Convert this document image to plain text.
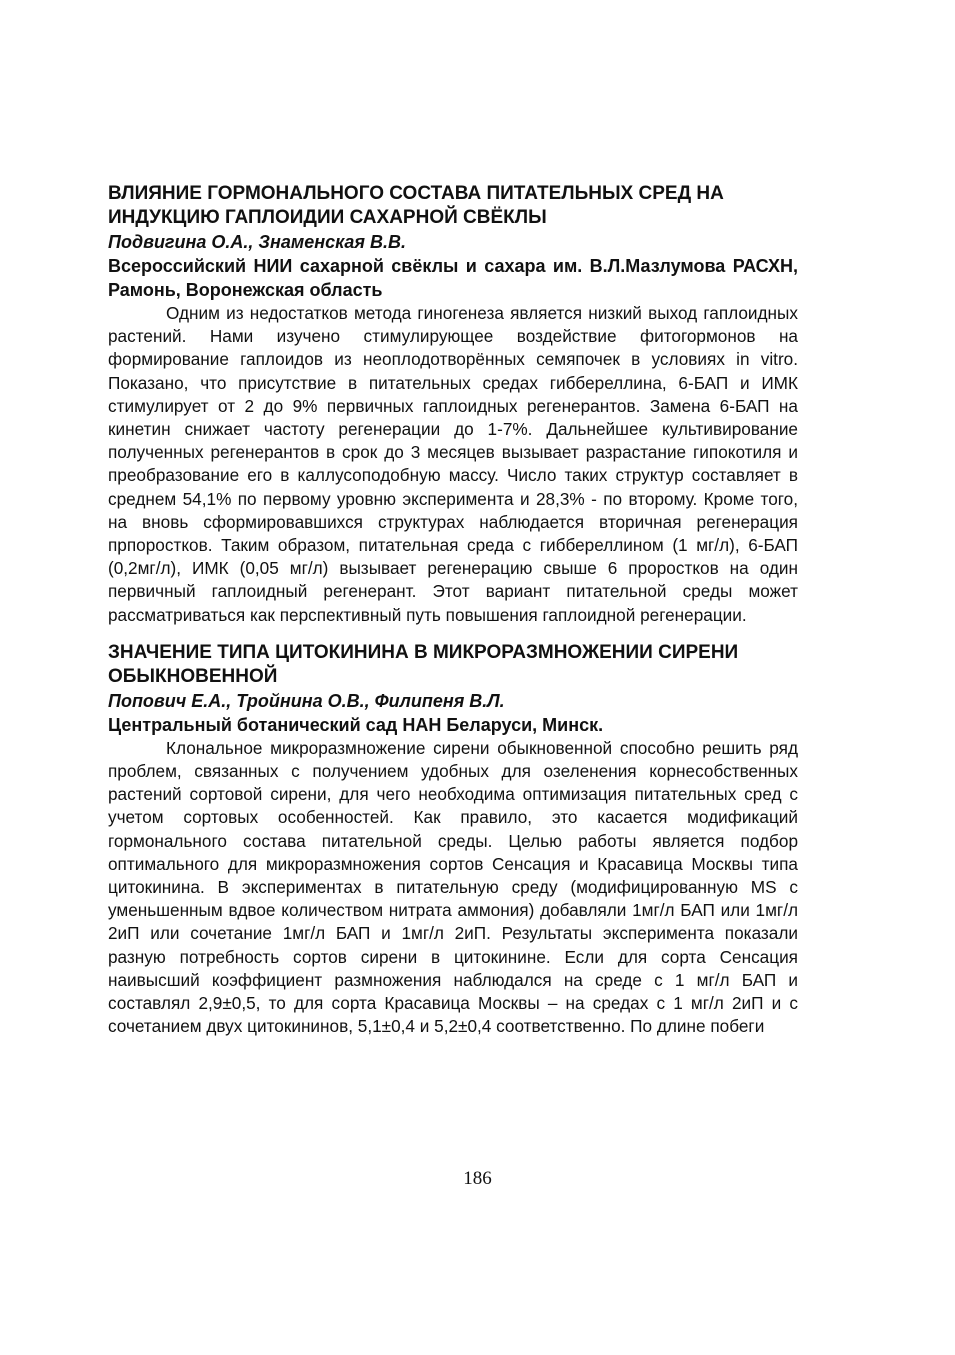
ВЛИЯНИЕ ГОРМОНАЛЬНОГО СОСТАВА ПИТАТЕЛЬНЫХ СРЕД НА ИНДУКЦИЮ ГАПЛОИДИИ САХАРНОЙ СВЁКЛЫ

Подвигина О.А., Знаменская В.В.

Всероссийский НИИ сахарной свёклы и сахара им. В.Л.Мазлумова РАСХН, Рамонь, Воронежская область

Одним из недостатков метода гиногенеза является низкий выход гаплоидных растений. Нами изучено стимулирующее воздействие фитогормонов на формирование гаплоидов из неоплодотворённых семяпочек в условиях in vitro. Показано, что присутствие в питательных средах гиббереллина, 6-БАП и ИМК стимулирует от 2 до 9% первичных гаплоидных регенерантов. Замена 6-БАП на кинетин снижает частоту регенерации до 1-7%. Дальнейшее культивирование полученных регенерантов в срок до 3 месяцев вызывает разрастание гипокотиля и преобразование его в каллусоподобную массу. Число таких структур составляет в среднем 54,1% по первому уровню эксперимента и 28,3% - по второму. Кроме того, на вновь сформировавшихся структурах наблюдается вторичная регенерация прпоростков. Таким образом, питательная среда с гиббереллином (1 мг/л), 6-БАП (0,2мг/л), ИМК (0,05 мг/л) вызывает регенерацию свыше 6 проростков на один первичный гаплоидный регенерант. Этот вариант питательной среды может рассматриваться как перспективный путь повышения гаплоидной регенерации.

ЗНАЧЕНИЕ ТИПА ЦИТОКИНИНА В МИКРОРАЗМНОЖЕНИИ СИРЕНИ ОБЫКНОВЕННОЙ

Попович Е.А., Тройнина О.В., Филипеня В.Л.

Центральный ботанический сад НАН Беларуси, Минск.

Клональное микроразмножение сирени обыкновенной способно решить ряд проблем, связанных с получением удобных для озеленения корнесобственных растений сортовой сирени, для чего необходима оптимизация питательных сред с учетом сортовых особенностей. Как правило, это касается модификаций гормонального состава питательной среды. Целью работы является подбор оптимального для микроразмножения сортов Сенсация и Красавица Москвы типа цитокинина. В экспериментах в питательную среду (модифицированную MS с уменьшенным вдвое количеством нитрата аммония) добавляли 1мг/л БАП или 1мг/л 2иП или сочетание 1мг/л БАП и 1мг/л 2иП. Результаты эксперимента показали разную потребность сортов сирени в цитокинине. Если для сорта Сенсация наивысший коэффициент размножения наблюдался на среде с 1 мг/л БАП и составлял 2,9±0,5, то для сорта Красавица Москвы – на средах с 1 мг/л 2иП и с сочетанием двух цитокининов, 5,1±0,4 и 5,2±0,4 соответственно. По длине побеги

186
